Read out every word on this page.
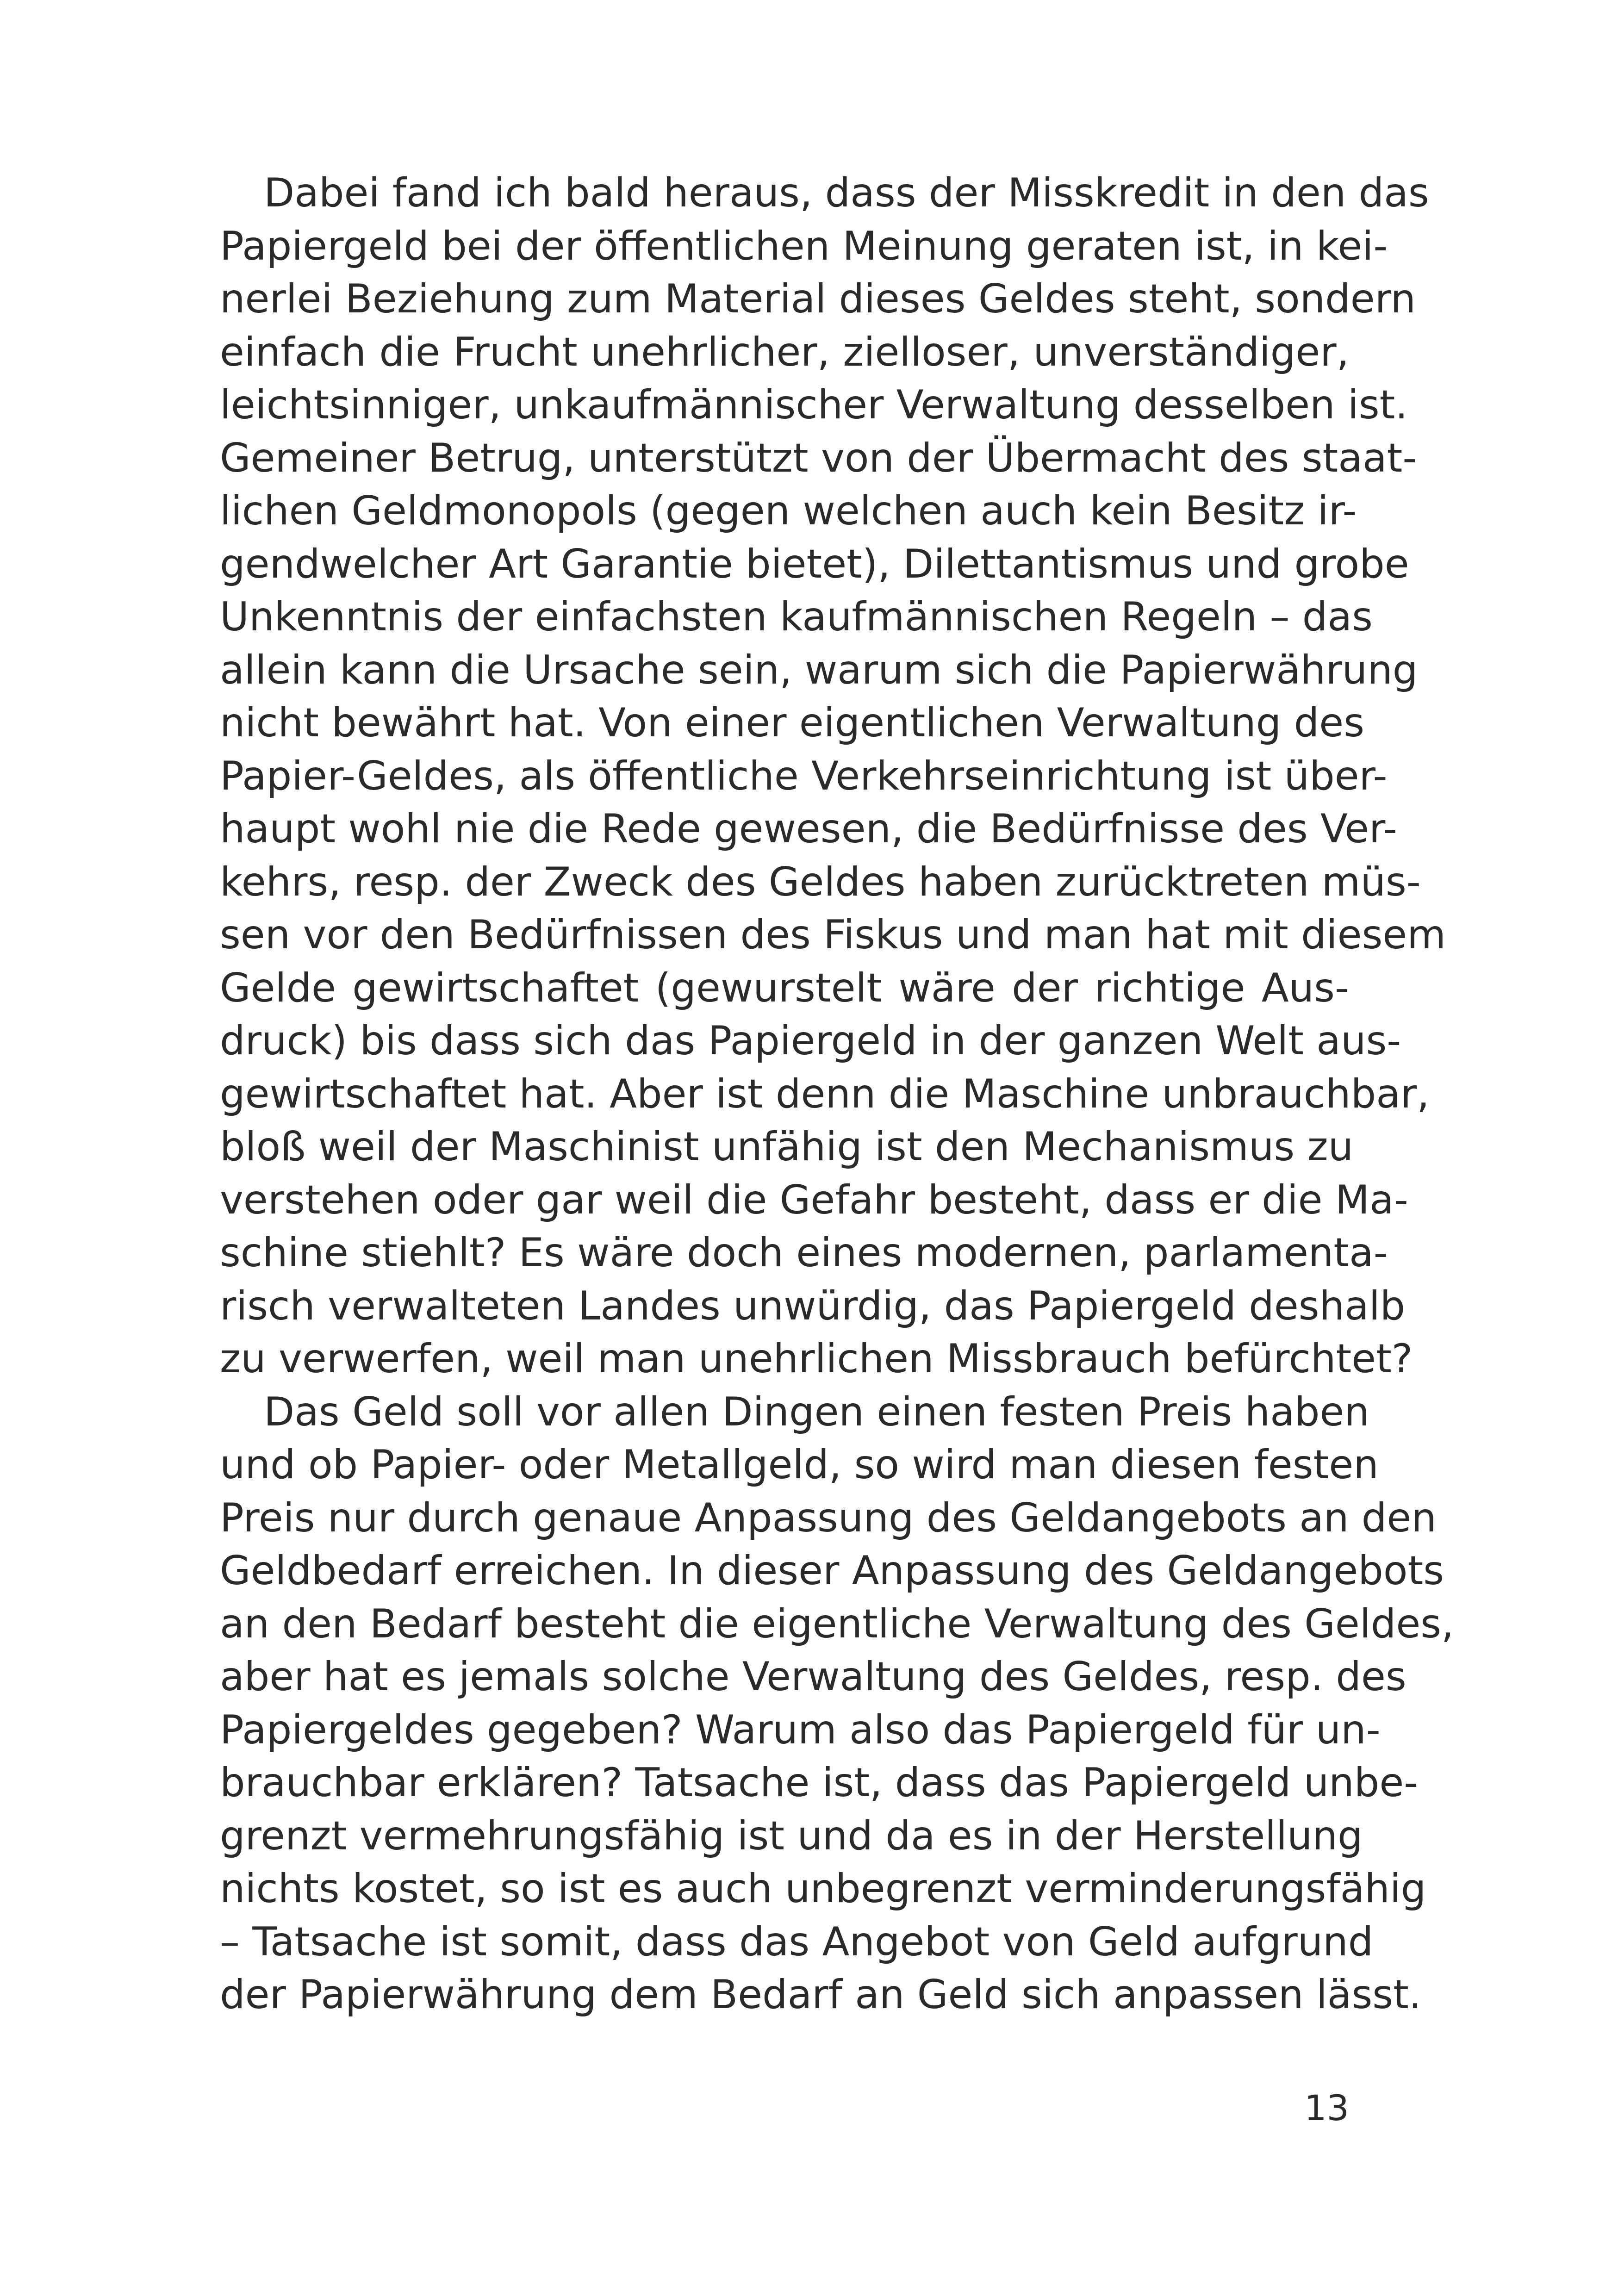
Dabei fand ich bald heraus, dass der Misskredit in den das
Papiergeld bei der öffentlichen Meinung geraten ist, in kei-
nerlei Beziehung zum Material dieses Geldes steht, sondern
einfach die Frucht unehrlicher, zielloser, unverständiger,
leichtsinniger, unkaufmännischer Verwaltung desselben ist.
Gemeiner Betrug, unterstützt von der Übermacht des staat-
lichen Geldmonopols (gegen welchen auch kein Besitz ir-
gendwelcher Art Garantie bietet), Dilettantismus und grobe
Unkenntnis der einfachsten kaufmännischen Regeln – das
allein kann die Ursache sein, warum sich die Papierwährung
nicht bewährt hat. Von einer eigentlichen Verwaltung des
Papier-Geldes, als öffentliche Verkehrseinrichtung ist über-
haupt wohl nie die Rede gewesen, die Bedürfnisse des Ver-
kehrs, resp. der Zweck des Geldes haben zurücktreten müs-
sen vor den Bedürfnissen des Fiskus und man hat mit diesem
Gelde gewirtschaftet (gewurstelt wäre der richtige Aus-
druck) bis dass sich das Papiergeld in der ganzen Welt aus-
gewirtschaftet hat. Aber ist denn die Maschine unbrauchbar,
bloß weil der Maschinist unfähig ist den Mechanismus zu
verstehen oder gar weil die Gefahr besteht, dass er die Ma-
schine stiehlt? Es wäre doch eines modernen, parlamenta-
risch verwalteten Landes unwürdig, das Papiergeld deshalb
zu verwerfen, weil man unehrlichen Missbrauch befürchtet?
Das Geld soll vor allen Dingen einen festen Preis haben
und ob Papier- oder Metallgeld, so wird man diesen festen
Preis nur durch genaue Anpassung des Geldangebots an den
Geldbedarf erreichen. In dieser Anpassung des Geldangebots
an den Bedarf besteht die eigentliche Verwaltung des Geldes,
aber hat es jemals solche Verwaltung des Geldes, resp. des
Papiergeldes gegeben? Warum also das Papiergeld für un-
brauchbar erklären? Tatsache ist, dass das Papiergeld unbe-
grenzt vermehrungsfähig ist und da es in der Herstellung
nichts kostet, so ist es auch unbegrenzt verminderungsfähig
– Tatsache ist somit, dass das Angebot von Geld aufgrund
der Papierwährung dem Bedarf an Geld sich anpassen lässt.
13
